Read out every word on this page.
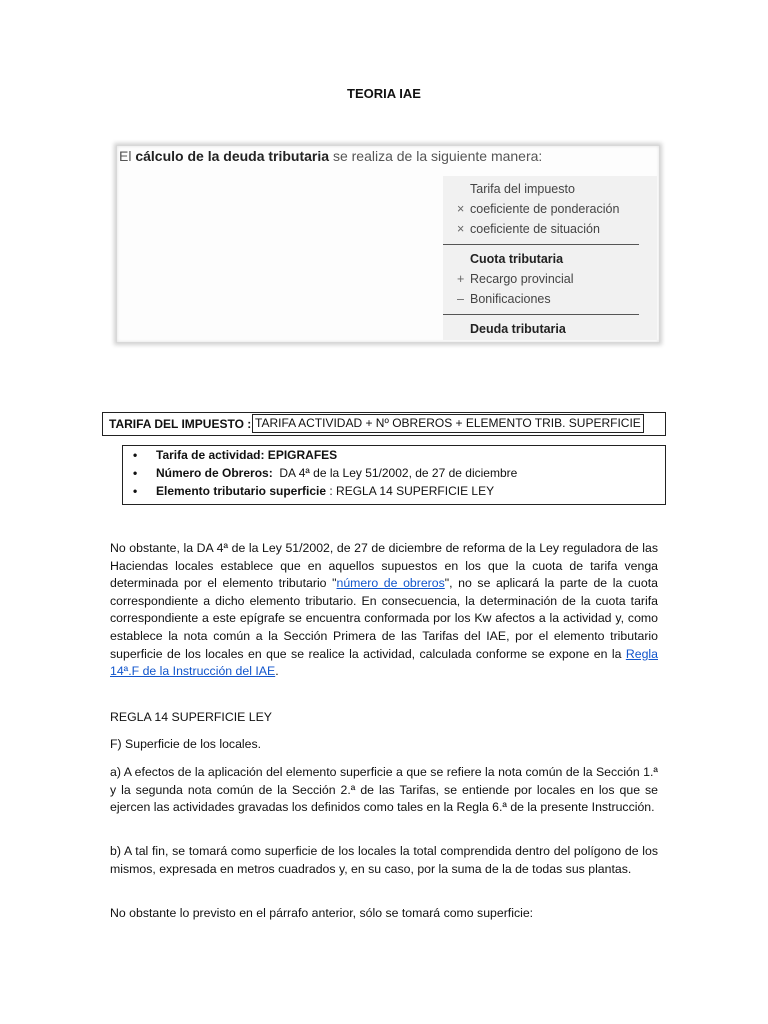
TEORIA IAE
El cálculo de la deuda tributaria se realiza de la siguiente manera:
Tarifa del impuesto
× coeficiente de ponderación
× coeficiente de situación
Cuota tributaria
+ Recargo provincial
– Bonificaciones
Deuda tributaria
TARIFA DEL IMPUESTO : TARIFA ACTIVIDAD + Nº OBREROS + ELEMENTO TRIB. SUPERFICIE
• Tarifa de actividad: EPIGRAFES
• Número de Obreros:  DA 4ª de la Ley 51/2002, de 27 de diciembre
• Elemento tributario superficie : REGLA 14 SUPERFICIE LEY

No obstante, la DA 4ª de la Ley 51/2002, de 27 de diciembre de reforma de la Ley reguladora de las Haciendas locales establece que en aquellos supuestos en los que la cuota de tarifa venga determinada por el elemento tributario "número de obreros", no se aplicará la parte de la cuota correspondiente a dicho elemento tributario. En consecuencia, la determinación de la cuota tarifa correspondiente a este epígrafe se encuentra conformada por los Kw afectos a la actividad y, como establece la nota común a la Sección Primera de las Tarifas del IAE, por el elemento tributario superficie de los locales en que se realice la actividad, calculada conforme se expone en la Regla 14ª.F de la Instrucción del IAE.

REGLA 14 SUPERFICIE LEY

F) Superficie de los locales.

a) A efectos de la aplicación del elemento superficie a que se refiere la nota común de la Sección 1.ª y la segunda nota común de la Sección 2.ª de las Tarifas, se entiende por locales en los que se ejercen las actividades gravadas los definidos como tales en la Regla 6.ª de la presente Instrucción.

b) A tal fin, se tomará como superficie de los locales la total comprendida dentro del polígono de los mismos, expresada en metros cuadrados y, en su caso, por la suma de la de todas sus plantas.

No obstante lo previsto en el párrafo anterior, sólo se tomará como superficie:
